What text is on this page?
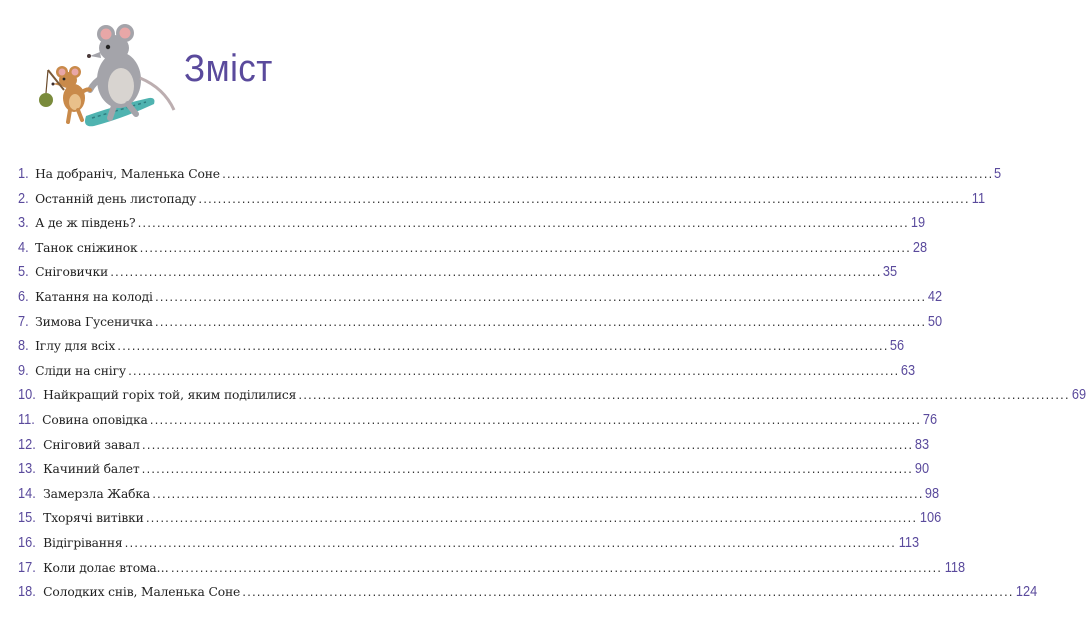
Зміст
1. На добраніч, Маленька Соне ................................................................................................................................................................ 5
2. Останній день листопаду ................................................................................................................................................................ 11
3. А де ж південь? ................................................................................................................................................................ 19
4. Танок сніжинок ................................................................................................................................................................ 28
5. Сніговички ................................................................................................................................................................ 35
6. Катання на колоді ................................................................................................................................................................ 42
7. Зимова Гусеничка ................................................................................................................................................................ 50
8. Іглу для всіх ................................................................................................................................................................ 56
9. Сліди на снігу ................................................................................................................................................................ 63
10. Найкращий горіх той, яким поділилися ................................................................................................................................................................ 69
11. Совина оповідка ................................................................................................................................................................ 76
12. Сніговий завал ................................................................................................................................................................ 83
13. Качиний балет ................................................................................................................................................................ 90
14. Замерзла Жабка ................................................................................................................................................................ 98
15. Тхорячі витівки ................................................................................................................................................................ 106
16. Відігрівання ................................................................................................................................................................ 113
17. Коли долає втома… ................................................................................................................................................................ 118
18. Солодких снів, Маленька Соне ................................................................................................................................................................ 124
